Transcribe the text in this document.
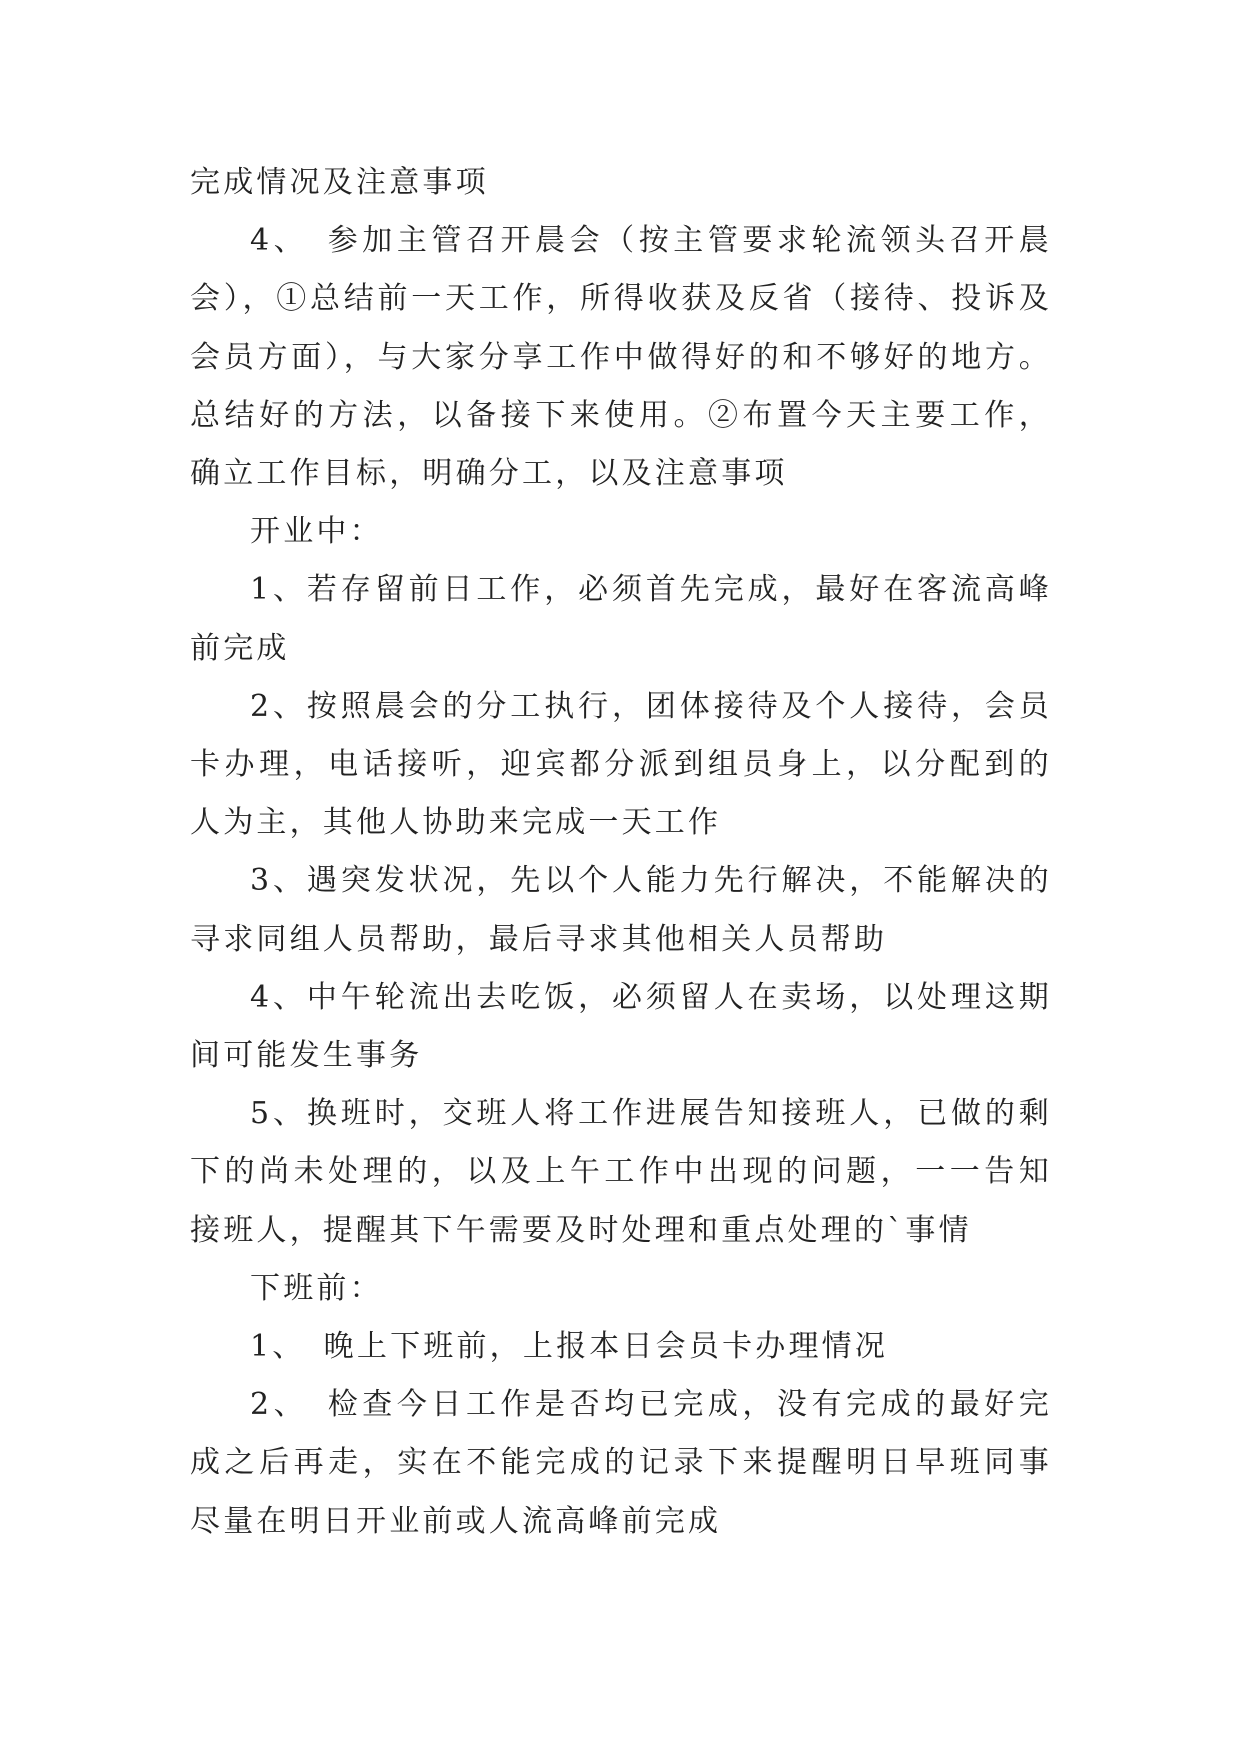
完成情况及注意事项

4、　参加主管召开晨会（按主管要求轮流领头召开晨会），①总结前一天工作，所得收获及反省（接待、投诉及会员方面），与大家分享工作中做得好的和不够好的地方。总结好的方法，以备接下来使用。②布置今天主要工作，确立工作目标，明确分工，以及注意事项

开业中：

1、若存留前日工作，必须首先完成，最好在客流高峰前完成

2、按照晨会的分工执行，团体接待及个人接待，会员卡办理，电话接听，迎宾都分派到组员身上，以分配到的人为主，其他人协助来完成一天工作

3、遇突发状况，先以个人能力先行解决，不能解决的寻求同组人员帮助，最后寻求其他相关人员帮助

4、中午轮流出去吃饭，必须留人在卖场，以处理这期间可能发生事务

5、换班时，交班人将工作进展告知接班人，已做的剩下的尚未处理的，以及上午工作中出现的问题，一一告知接班人，提醒其下午需要及时处理和重点处理的`事情

下班前：

1、　晚上下班前，上报本日会员卡办理情况

2、　检查今日工作是否均已完成，没有完成的最好完成之后再走，实在不能完成的记录下来提醒明日早班同事尽量在明日开业前或人流高峰前完成
